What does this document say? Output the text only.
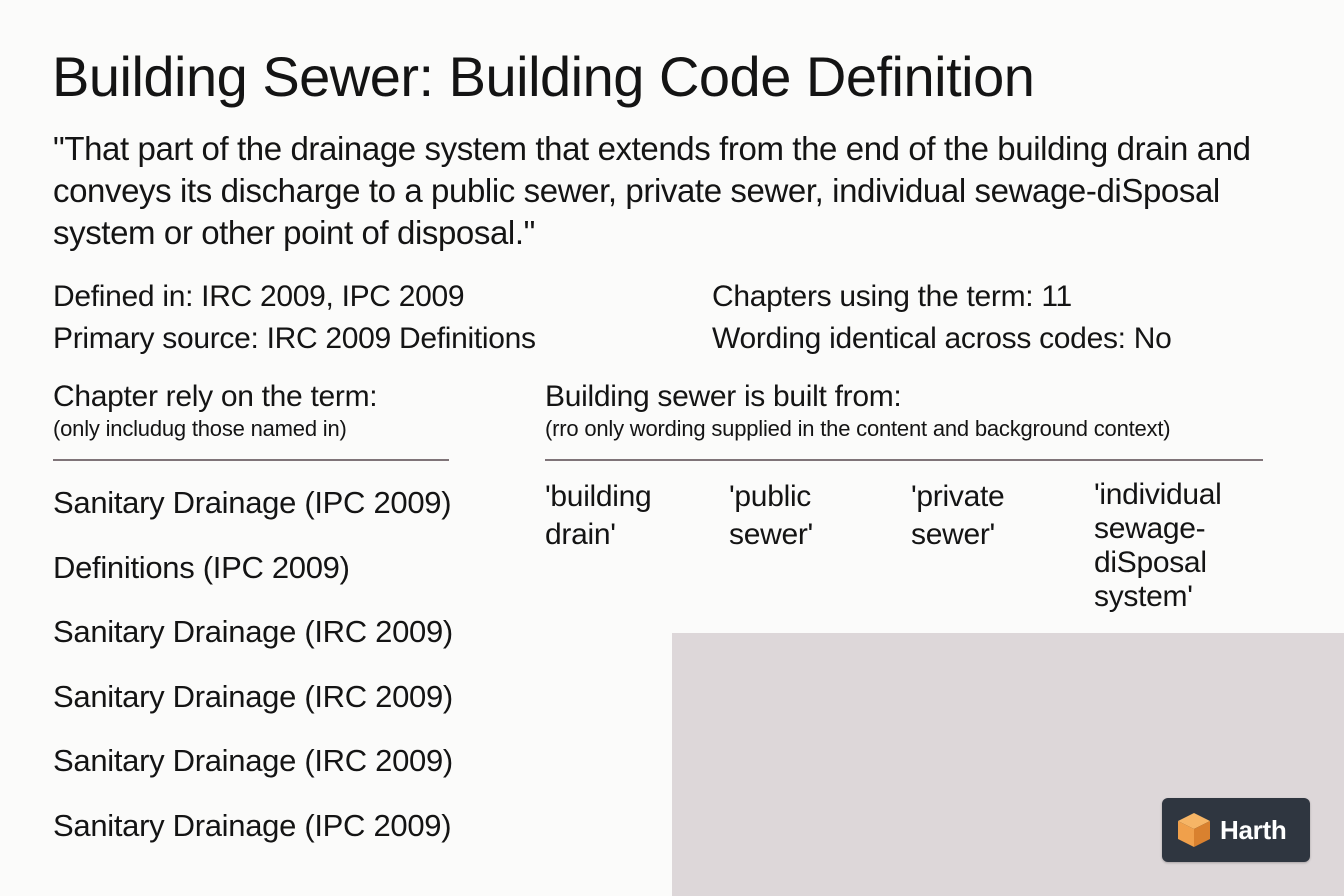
Building Sewer: Building Code Definition

"That part of the drainage system that extends from the end of the building drain and conveys its discharge to a public sewer, private sewer, individual sewage-diSposal system or other point of disposal."

Defined in: IRC 2009, IPC 2009
Primary source: IRC 2009 Definitions
Chapters using the term: 11
Wording identical across codes: No
Chapter rely on the term:
(only includug those named in)
Sanitary Drainage (IPC 2009)
Definitions (IPC 2009)
Sanitary Drainage (IRC 2009)
Sanitary Drainage (IRC 2009)
Sanitary Drainage (IRC 2009)
Sanitary Drainage (IPC 2009)
Building sewer is built from:
(rro only wording supplied in the content and background context)
'building drain'
'public sewer'
'private sewer'
'individual sewage-diSposal system'
Harth
